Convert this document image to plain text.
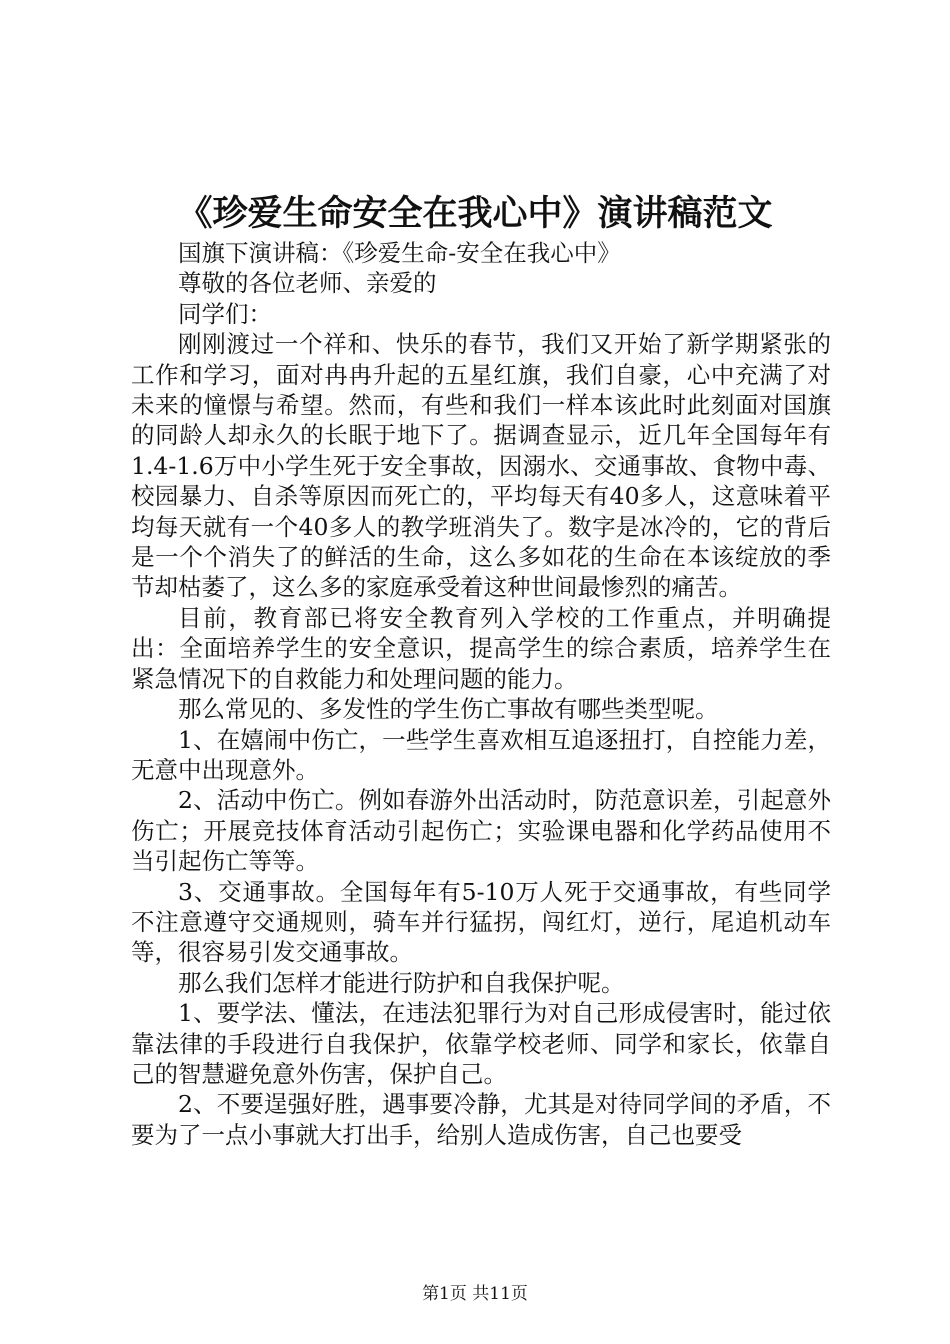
《珍爱生命安全在我心中》演讲稿范文

国旗下演讲稿：《珍爱生命-安全在我心中》

尊敬的各位老师、亲爱的

同学们：

刚刚渡过一个祥和、快乐的春节，我们又开始了新学期紧张的工作和学习，面对冉冉升起的五星红旗，我们自豪，心中充满了对未来的憧憬与希望。然而，有些和我们一样本该此时此刻面对国旗的同龄人却永久的长眠于地下了。据调查显示，近几年全国每年有1.4-1.6万中小学生死于安全事故，因溺水、交通事故、食物中毒、校园暴力、自杀等原因而死亡的，平均每天有40多人，这意味着平均每天就有一个40多人的教学班消失了。数字是冰冷的，它的背后是一个个消失了的鲜活的生命，这么多如花的生命在本该绽放的季节却枯萎了，这么多的家庭承受着这种世间最惨烈的痛苦。

目前，教育部已将安全教育列入学校的工作重点，并明确提出：全面培养学生的安全意识，提高学生的综合素质，培养学生在紧急情况下的自救能力和处理问题的能力。

那么常见的、多发性的学生伤亡事故有哪些类型呢。

1、在嬉闹中伤亡，一些学生喜欢相互追逐扭打，自控能力差，无意中出现意外。

2、活动中伤亡。例如春游外出活动时，防范意识差，引起意外伤亡；开展竞技体育活动引起伤亡；实验课电器和化学药品使用不当引起伤亡等等。

3、交通事故。全国每年有5-10万人死于交通事故，有些同学不注意遵守交通规则，骑车并行猛拐，闯红灯，逆行，尾追机动车等，很容易引发交通事故。

那么我们怎样才能进行防护和自我保护呢。

1、要学法、懂法，在违法犯罪行为对自己形成侵害时，能过依靠法律的手段进行自我保护，依靠学校老师、同学和家长，依靠自己的智慧避免意外伤害，保护自己。

2、不要逞强好胜，遇事要冷静，尤其是对待同学间的矛盾，不要为了一点小事就大打出手，给别人造成伤害，自己也要受

第1页 共11页
